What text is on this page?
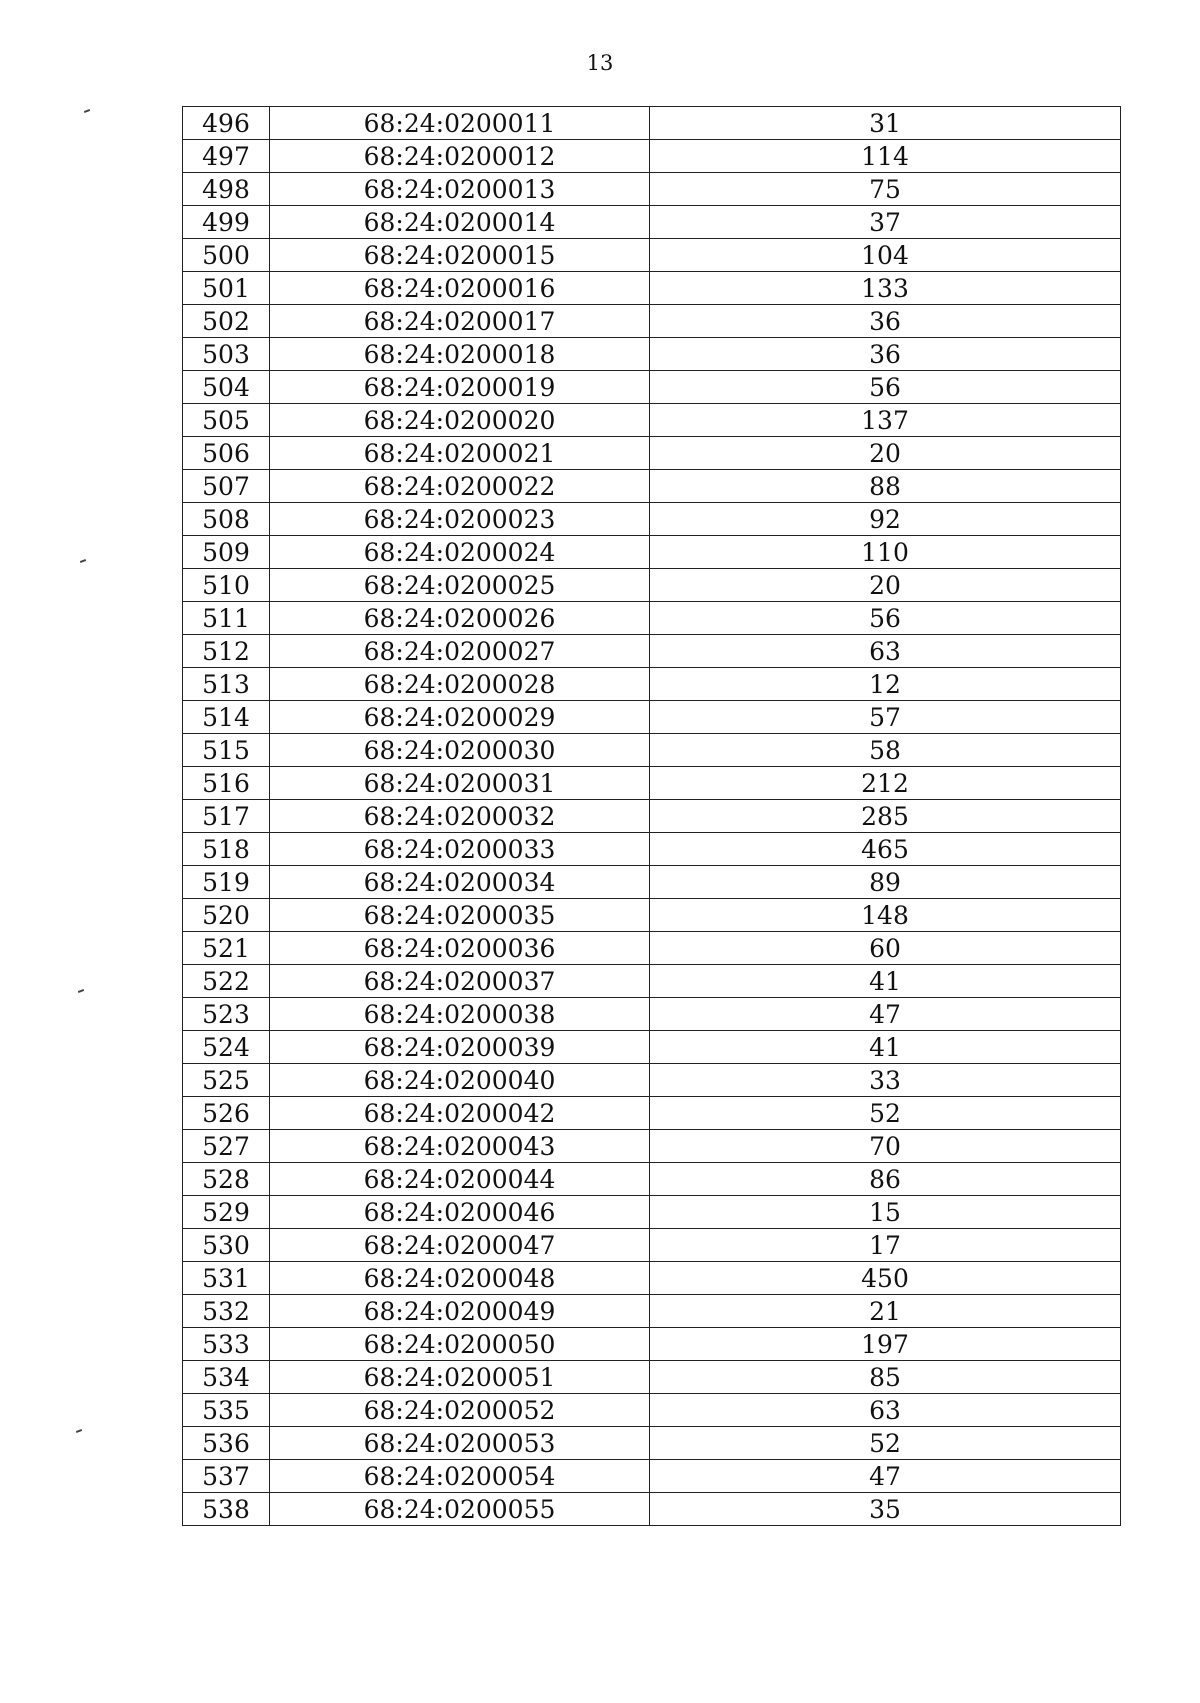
13
496	68:24:0200011	31
497	68:24:0200012	114
498	68:24:0200013	75
499	68:24:0200014	37
500	68:24:0200015	104
501	68:24:0200016	133
502	68:24:0200017	36
503	68:24:0200018	36
504	68:24:0200019	56
505	68:24:0200020	137
506	68:24:0200021	20
507	68:24:0200022	88
508	68:24:0200023	92
509	68:24:0200024	110
510	68:24:0200025	20
511	68:24:0200026	56
512	68:24:0200027	63
513	68:24:0200028	12
514	68:24:0200029	57
515	68:24:0200030	58
516	68:24:0200031	212
517	68:24:0200032	285
518	68:24:0200033	465
519	68:24:0200034	89
520	68:24:0200035	148
521	68:24:0200036	60
522	68:24:0200037	41
523	68:24:0200038	47
524	68:24:0200039	41
525	68:24:0200040	33
526	68:24:0200042	52
527	68:24:0200043	70
528	68:24:0200044	86
529	68:24:0200046	15
530	68:24:0200047	17
531	68:24:0200048	450
532	68:24:0200049	21
533	68:24:0200050	197
534	68:24:0200051	85
535	68:24:0200052	63
536	68:24:0200053	52
537	68:24:0200054	47
538	68:24:0200055	35
